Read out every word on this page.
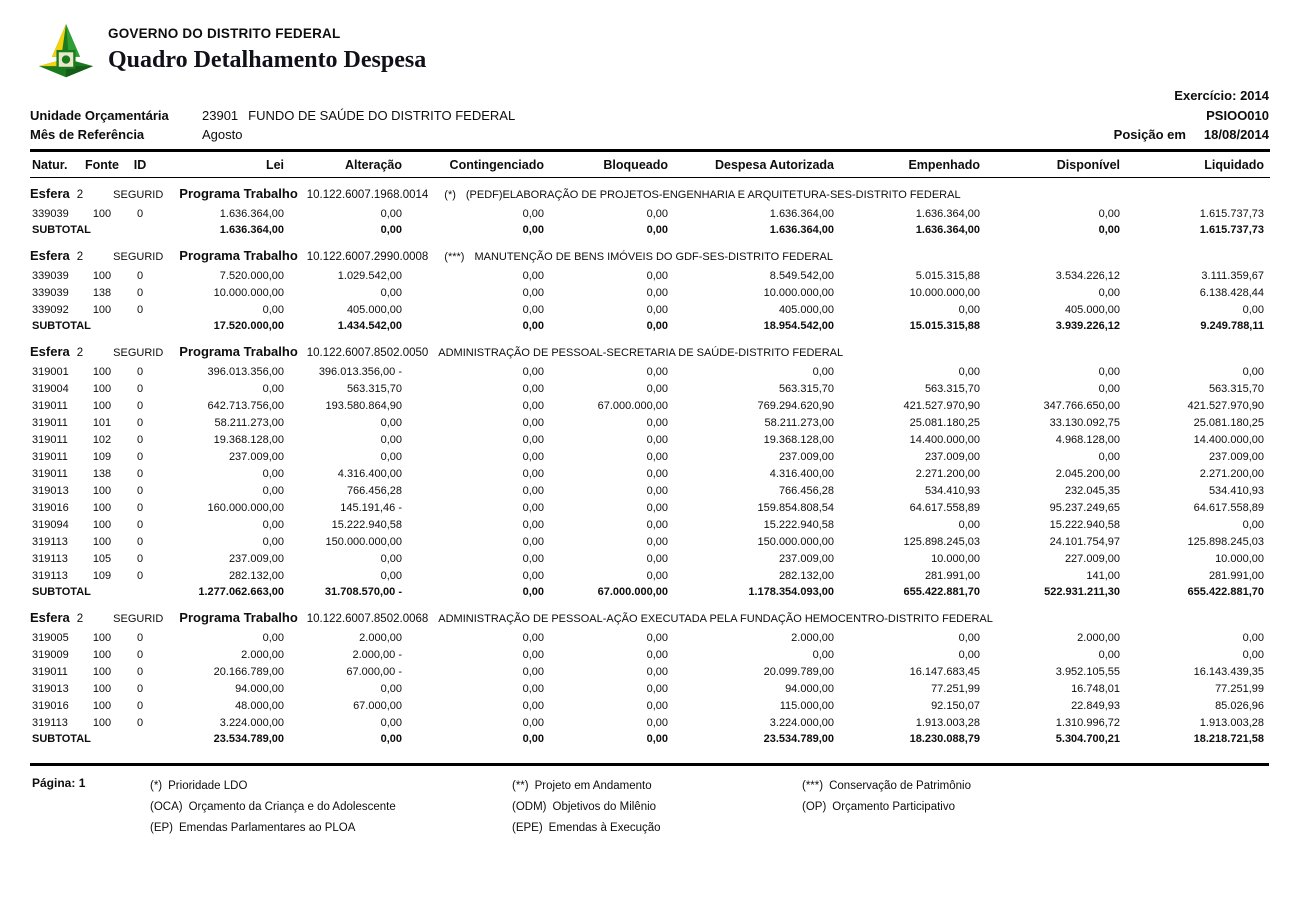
GOVERNO DO DISTRITO FEDERAL
Quadro Detalhamento Despesa
Exercício: 2014
Unidade Orçamentária	23901 FUNDO DE SAÚDE DO DISTRITO FEDERAL	PSIOO010
Mês de Referência	Agosto	Posição em 18/08/2014
Natur.	Fonte	ID	Lei	Alteração	Contingenciado	Bloqueado	Despesa Autorizada	Empenhado	Disponível	Liquidado
Esfera 2 SEGURID Programa Trabalho 10.122.6007.1968.0014 (*) (PEDF)ELABORAÇÃO DE PROJETOS-ENGENHARIA E ARQUITETURA-SES-DISTRITO FEDERAL										
339039	100	0	1.636.364,00	0,00	0,00	0,00	1.636.364,00	1.636.364,00	0,00	1.615.737,73
SUBTOTAL			1.636.364,00	0,00	0,00	0,00	1.636.364,00	1.636.364,00	0,00	1.615.737,73
Esfera 2 SEGURID Programa Trabalho 10.122.6007.2990.0008 (***) MANUTENÇÃO DE BENS IMÓVEIS DO GDF-SES-DISTRITO FEDERAL										
339039	100	0	7.520.000,00	1.029.542,00	0,00	0,00	8.549.542,00	5.015.315,88	3.534.226,12	3.111.359,67
339039	138	0	10.000.000,00	0,00	0,00	0,00	10.000.000,00	10.000.000,00	0,00	6.138.428,44
339092	100	0	0,00	405.000,00	0,00	0,00	405.000,00	0,00	405.000,00	0,00
SUBTOTAL			17.520.000,00	1.434.542,00	0,00	0,00	18.954.542,00	15.015.315,88	3.939.226,12	9.249.788,11
Esfera 2 SEGURID Programa Trabalho 10.122.6007.8502.0050 ADMINISTRAÇÃO DE PESSOAL-SECRETARIA DE SAÚDE-DISTRITO FEDERAL										
319001	100	0	396.013.356,00	396.013.356,00 -	0,00	0,00	0,00	0,00	0,00	0,00
319004	100	0	0,00	563.315,70	0,00	0,00	563.315,70	563.315,70	0,00	563.315,70
319011	100	0	642.713.756,00	193.580.864,90	0,00	67.000.000,00	769.294.620,90	421.527.970,90	347.766.650,00	421.527.970,90
319011	101	0	58.211.273,00	0,00	0,00	0,00	58.211.273,00	25.081.180,25	33.130.092,75	25.081.180,25
319011	102	0	19.368.128,00	0,00	0,00	0,00	19.368.128,00	14.400.000,00	4.968.128,00	14.400.000,00
319011	109	0	237.009,00	0,00	0,00	0,00	237.009,00	237.009,00	0,00	237.009,00
319011	138	0	0,00	4.316.400,00	0,00	0,00	4.316.400,00	2.271.200,00	2.045.200,00	2.271.200,00
319013	100	0	0,00	766.456,28	0,00	0,00	766.456,28	534.410,93	232.045,35	534.410,93
319016	100	0	160.000.000,00	145.191,46 -	0,00	0,00	159.854.808,54	64.617.558,89	95.237.249,65	64.617.558,89
319094	100	0	0,00	15.222.940,58	0,00	0,00	15.222.940,58	0,00	15.222.940,58	0,00
319113	100	0	0,00	150.000.000,00	0,00	0,00	150.000.000,00	125.898.245,03	24.101.754,97	125.898.245,03
319113	105	0	237.009,00	0,00	0,00	0,00	237.009,00	10.000,00	227.009,00	10.000,00
319113	109	0	282.132,00	0,00	0,00	0,00	282.132,00	281.991,00	141,00	281.991,00
SUBTOTAL			1.277.062.663,00	31.708.570,00 -	0,00	67.000.000,00	1.178.354.093,00	655.422.881,70	522.931.211,30	655.422.881,70
Esfera 2 SEGURID Programa Trabalho 10.122.6007.8502.0068 ADMINISTRAÇÃO DE PESSOAL-AÇÃO EXECUTADA PELA FUNDAÇÃO HEMOCENTRO-DISTRITO FEDERAL										
319005	100	0	0,00	2.000,00	0,00	0,00	2.000,00	0,00	2.000,00	0,00
319009	100	0	2.000,00	2.000,00 -	0,00	0,00	0,00	0,00	0,00	0,00
319011	100	0	20.166.789,00	67.000,00 -	0,00	0,00	20.099.789,00	16.147.683,45	3.952.105,55	16.143.439,35
319013	100	0	94.000,00	0,00	0,00	0,00	94.000,00	77.251,99	16.748,01	77.251,99
319016	100	0	48.000,00	67.000,00	0,00	0,00	115.000,00	92.150,07	22.849,93	85.026,96
319113	100	0	3.224.000,00	0,00	0,00	0,00	3.224.000,00	1.913.003,28	1.310.996,72	1.913.003,28
SUBTOTAL			23.534.789,00	0,00	0,00	0,00	23.534.789,00	18.230.088,79	5.304.700,21	18.218.721,58
Página: 1	(*) Prioridade LDO
(OCA) Orçamento da Criança e do Adolescente
(EP) Emendas Parlamentares ao PLOA
(**) Projeto em Andamento
(ODM) Objetivos do Milênio
(EPE) Emendas à Execução
(***) Conservação de Patrimônio
(OP) Orçamento Participativo
